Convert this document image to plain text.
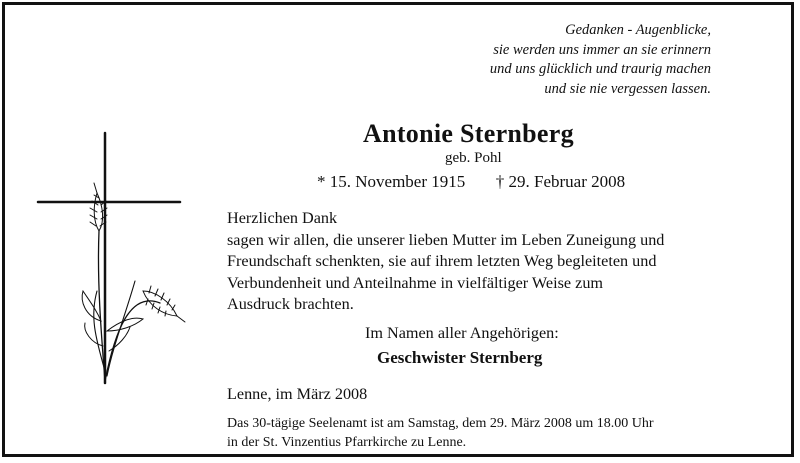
Gedanken - Augenblicke,
sie werden uns immer an sie erinnern
und uns glücklich und traurig machen
und sie nie vergessen lassen.
Antonie Sternberg
geb. Pohl
* 15. November 1915 † 29. Februar 2008
Herzlichen Dank
sagen wir allen, die unserer lieben Mutter im Leben Zuneigung und
Freundschaft schenkten, sie auf ihrem letzten Weg begleiteten und
Verbundenheit und Anteilnahme in vielfältiger Weise zum
Ausdruck brachten.
Im Namen aller Angehörigen:
Geschwister Sternberg
Lenne, im März 2008
Das 30-tägige Seelenamt ist am Samstag, dem 29. März 2008 um 18.00 Uhr
in der St. Vinzentius Pfarrkirche zu Lenne.
